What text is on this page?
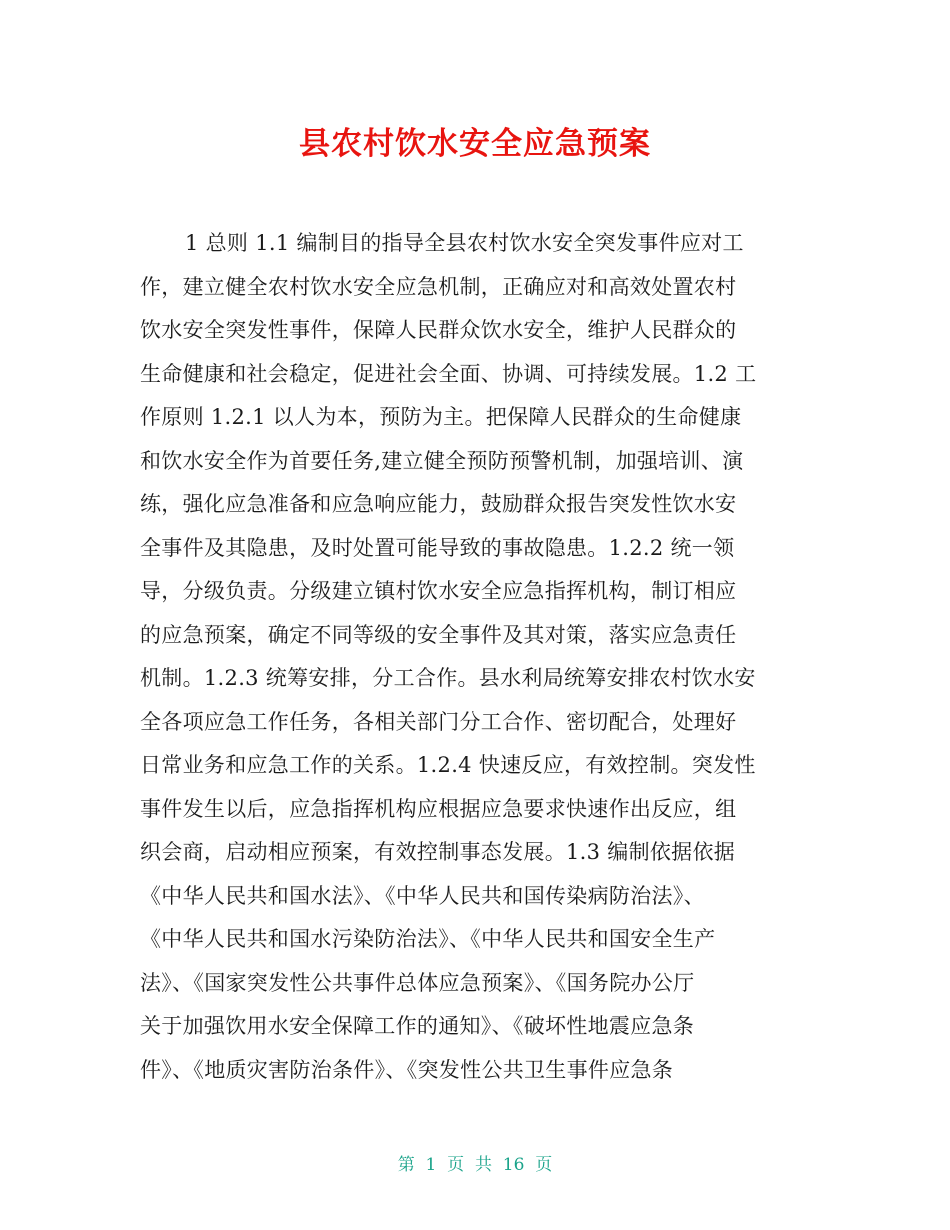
县农村饮水安全应急预案
1 总则 1.1 编制目的指导全县农村饮水安全突发事件应对工
作，建立健全农村饮水安全应急机制，正确应对和高效处置农村
饮水安全突发性事件，保障人民群众饮水安全，维护人民群众的
生命健康和社会稳定，促进社会全面、协调、可持续发展。1.2 工
作原则 1.2.1 以人为本，预防为主。把保障人民群众的生命健康
和饮水安全作为首要任务,建立健全预防预警机制，加强培训、演
练，强化应急准备和应急响应能力，鼓励群众报告突发性饮水安
全事件及其隐患，及时处置可能导致的事故隐患。1.2.2 统一领
导，分级负责。分级建立镇村饮水安全应急指挥机构，制订相应
的应急预案，确定不同等级的安全事件及其对策，落实应急责任
机制。1.2.3 统筹安排，分工合作。县水利局统筹安排农村饮水安
全各项应急工作任务，各相关部门分工合作、密切配合，处理好
日常业务和应急工作的关系。1.2.4 快速反应，有效控制。突发性
事件发生以后，应急指挥机构应根据应急要求快速作出反应，组
织会商，启动相应预案，有效控制事态发展。1.3 编制依据依据
《中华人民共和国水法》、《中华人民共和国传染病防治法》、
《中华人民共和国水污染防治法》、《中华人民共和国安全生产
法》、《国家突发性公共事件总体应急预案》、《国务院办公厅
关于加强饮用水安全保障工作的通知》、《破坏性地震应急条
件》、《地质灾害防治条件》、《突发性公共卫生事件应急条
第  1  页  共  16  页
